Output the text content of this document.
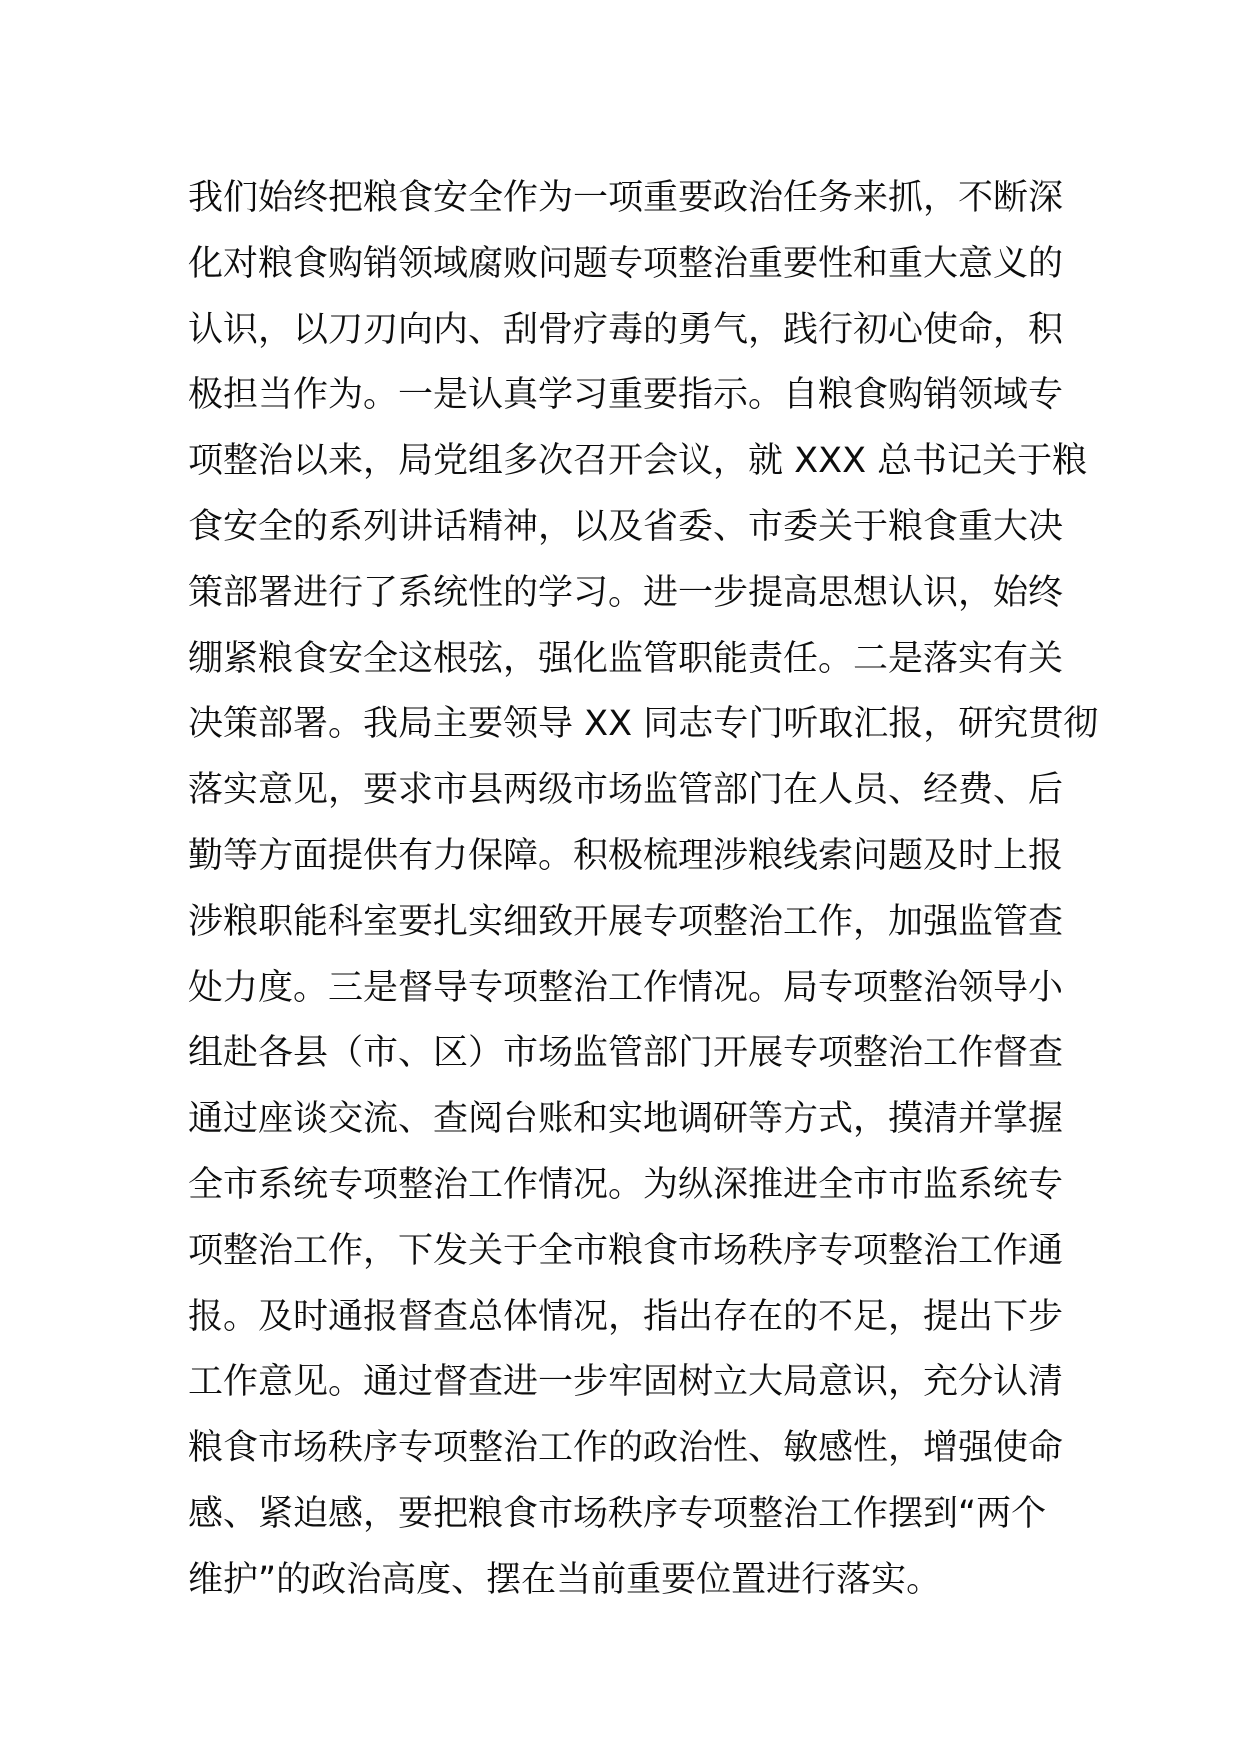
我们始终把粮食安全作为一项重要政治任务来抓，不断深
化对粮食购销领域腐败问题专项整治重要性和重大意义的
认识，以刀刃向内、刮骨疗毒的勇气，践行初心使命，积
极担当作为。一是认真学习重要指示。自粮食购销领域专
项整治以来，局党组多次召开会议，就 XXX 总书记关于粮
食安全的系列讲话精神，以及省委、市委关于粮食重大决
策部署进行了系统性的学习。进一步提高思想认识，始终
绷紧粮食安全这根弦，强化监管职能责任。二是落实有关
决策部署。我局主要领导 XX 同志专门听取汇报，研究贯彻
落实意见，要求市县两级市场监管部门在人员、经费、后
勤等方面提供有力保障。积极梳理涉粮线索问题及时上报
涉粮职能科室要扎实细致开展专项整治工作，加强监管查
处力度。三是督导专项整治工作情况。局专项整治领导小
组赴各县（市、区）市场监管部门开展专项整治工作督查
通过座谈交流、查阅台账和实地调研等方式，摸清并掌握
全市系统专项整治工作情况。为纵深推进全市市监系统专
项整治工作，下发关于全市粮食市场秩序专项整治工作通
报。及时通报督查总体情况，指出存在的不足，提出下步
工作意见。通过督查进一步牢固树立大局意识，充分认清
粮食市场秩序专项整治工作的政治性、敏感性，增强使命
感、紧迫感，要把粮食市场秩序专项整治工作摆到“两个
维护”的政治高度、摆在当前重要位置进行落实。
